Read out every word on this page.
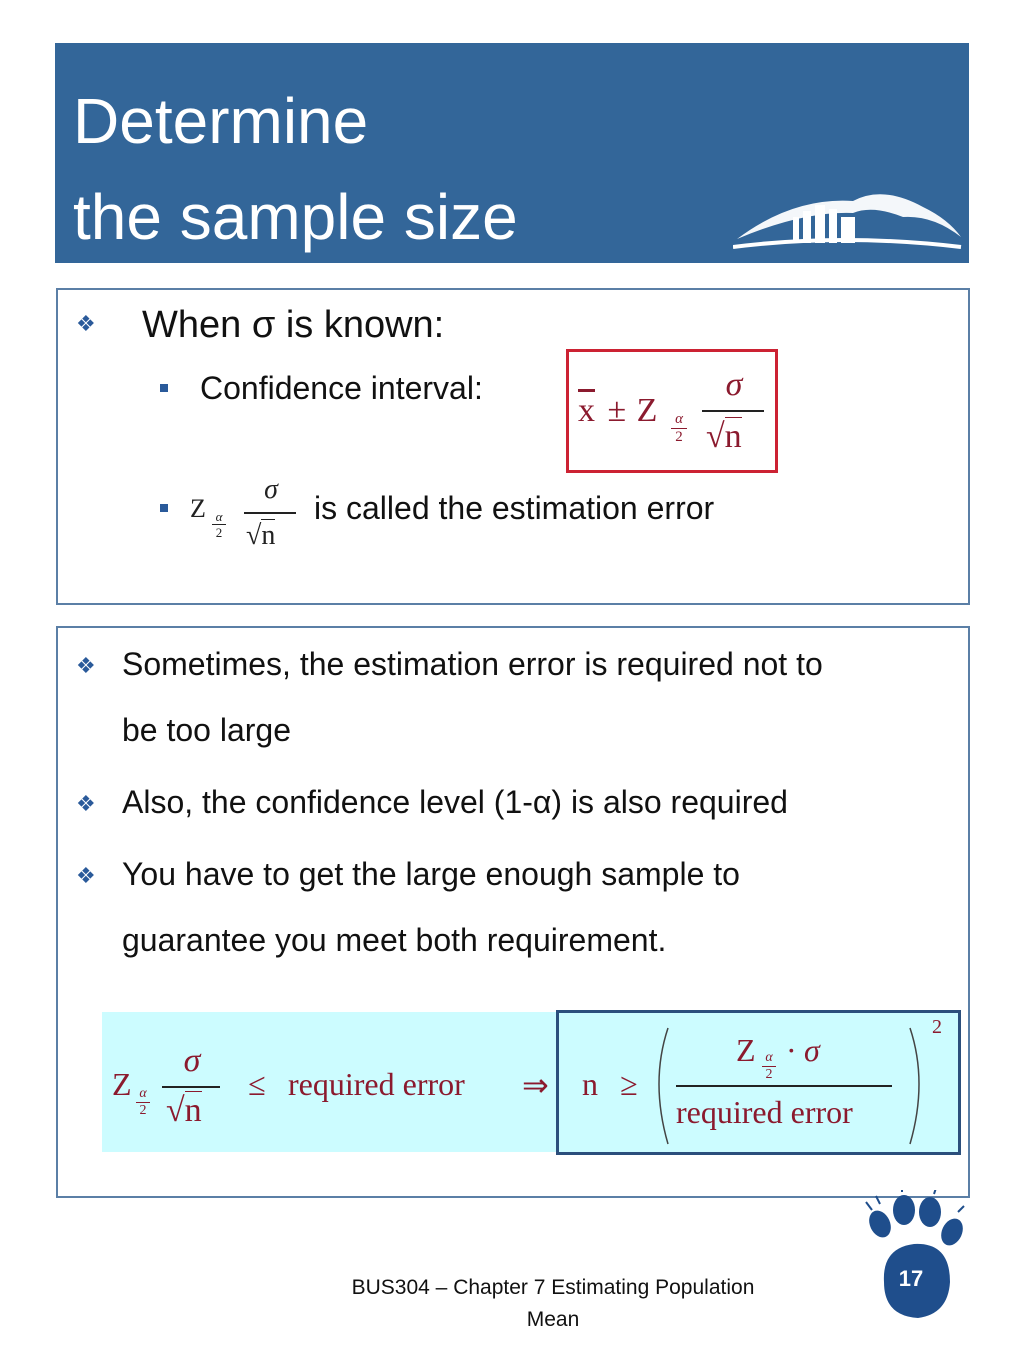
Determine
the sample size
❖ When σ is known:
Confidence interval:
$\overline{x} \pm Z$ α
2
σ
√n
Z α
2
σ
√n
is called the estimation error
❖ Sometimes, the estimation error is required not to
be too large
❖ Also, the confidence level (1-α) is also required
❖ You have to get the large enough sample to
guarantee you meet both requirement.
Z α
2
σ
√n
≤ required error ⇒ n ≥
Z α
2
· σ
required error
2
BUS304 – Chapter 7 Estimating Population
Mean
17
